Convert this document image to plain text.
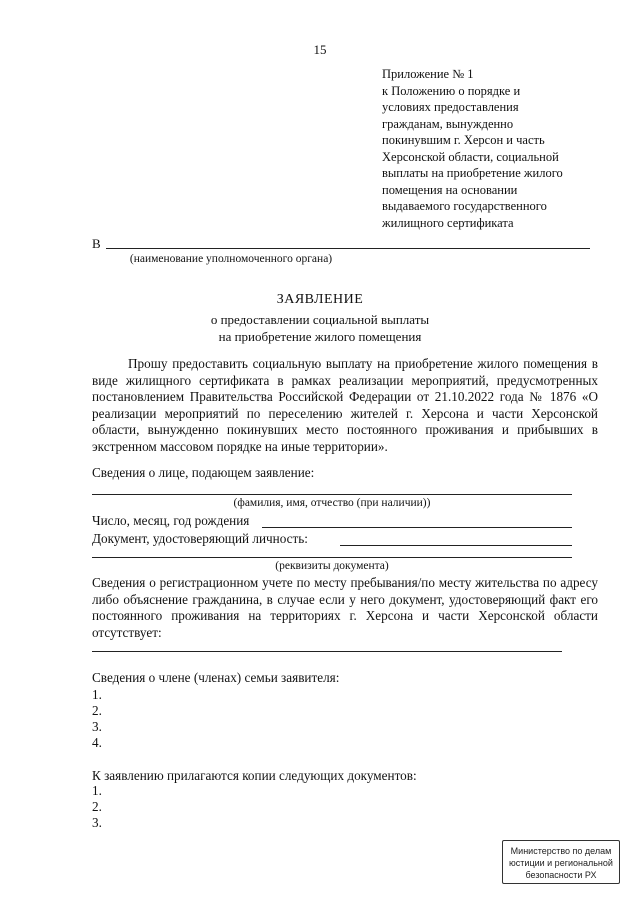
15
Приложение № 1
к Положению о порядке и
условиях предоставления
гражданам, вынужденно
покинувшим г. Херсон и часть
Херсонской области, социальной
выплаты на приобретение жилого
помещения на основании
выдаваемого государственного
жилищного сертификата
В
(наименование уполномоченного органа)
ЗАЯВЛЕНИЕ
о предоставлении социальной выплаты
на приобретение жилого помещения
Прошу предоставить социальную выплату на приобретение жилого помещения в виде жилищного сертификата в рамках реализации мероприятий, предусмотренных постановлением Правительства Российской Федерации от 21.10.2022 года № 1876 «О реализации мероприятий по переселению жителей г. Херсона и части Херсонской области, вынужденно покинувших место постоянного проживания и прибывших в экстренном массовом порядке на иные территории».
Сведения о лице, подающем заявление:
(фамилия, имя, отчество (при наличии))
Число, месяц, год рождения
Документ, удостоверяющий личность:
(реквизиты документа)
Сведения о регистрационном учете по месту пребывания/по месту жительства по адресу либо объяснение гражданина, в случае если у него документ, удостоверяющий факт его постоянного проживания на территориях г. Херсона и части Херсонской области отсутствует:
Сведения о члене (членах) семьи заявителя:
1.
2.
3.
4.
К заявлению прилагаются копии следующих документов:
1.
2.
3.
Министерство по делам
юстиции и региональной
безопасности РХ
